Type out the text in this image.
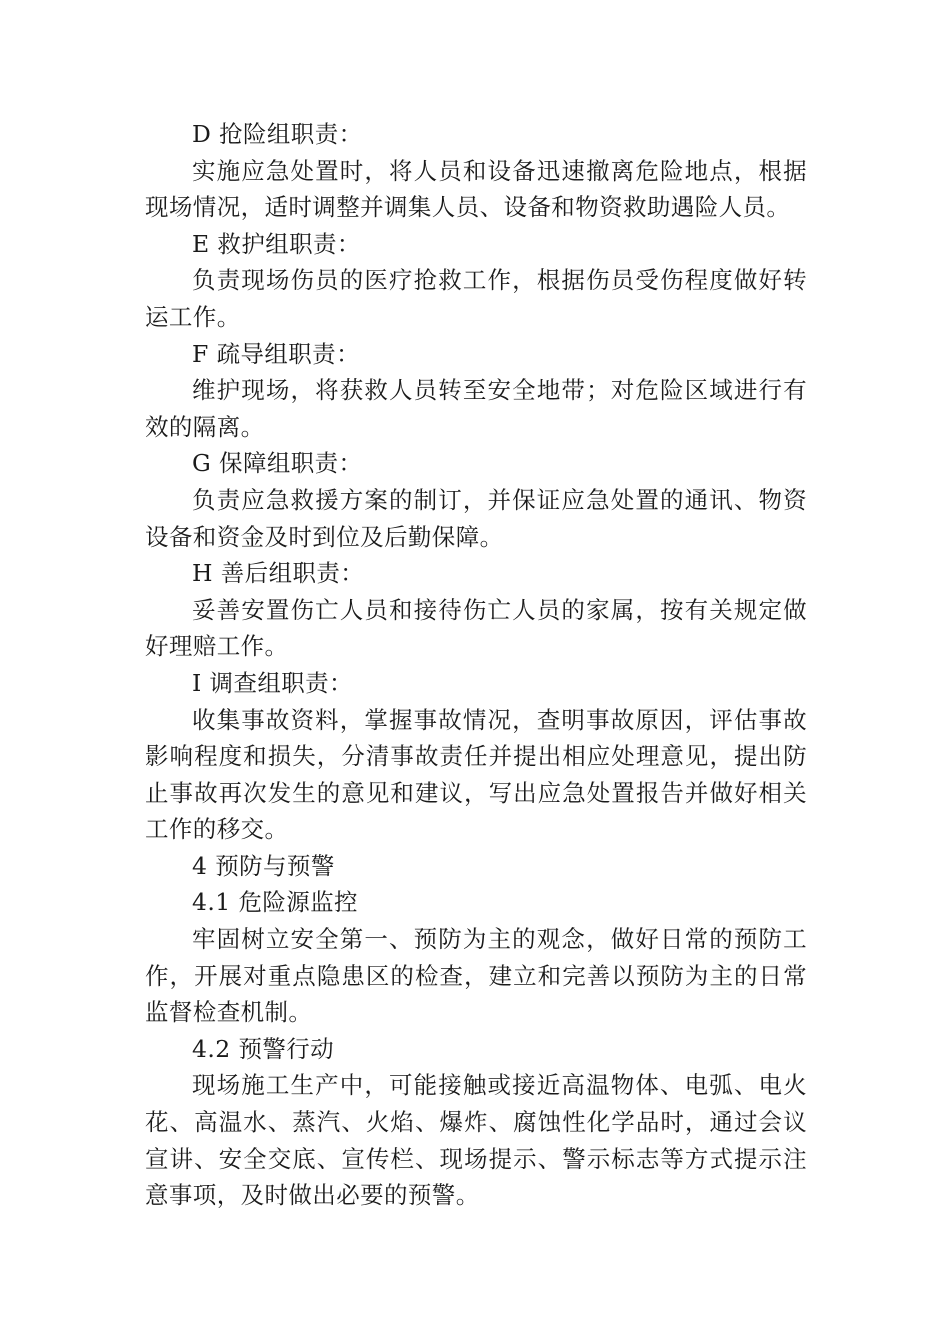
D 抢险组职责：

实施应急处置时，将人员和设备迅速撤离危险地点，根据现场情况，适时调整并调集人员、设备和物资救助遇险人员。

E 救护组职责：

负责现场伤员的医疗抢救工作，根据伤员受伤程度做好转运工作。

F 疏导组职责：

维护现场，将获救人员转至安全地带；对危险区域进行有效的隔离。

G 保障组职责：

负责应急救援方案的制订，并保证应急处置的通讯、物资设备和资金及时到位及后勤保障。

H 善后组职责：

妥善安置伤亡人员和接待伤亡人员的家属，按有关规定做好理赔工作。

I 调查组职责：

收集事故资料，掌握事故情况，查明事故原因，评估事故影响程度和损失，分清事故责任并提出相应处理意见，提出防止事故再次发生的意见和建议，写出应急处置报告并做好相关工作的移交。

4 预防与预警

4.1 危险源监控

牢固树立安全第一、预防为主的观念，做好日常的预防工作，开展对重点隐患区的检查，建立和完善以预防为主的日常监督检查机制。

4.2 预警行动

现场施工生产中，可能接触或接近高温物体、电弧、电火花、高温水、蒸汽、火焰、爆炸、腐蚀性化学品时，通过会议宣讲、安全交底、宣传栏、现场提示、警示标志等方式提示注意事项，及时做出必要的预警。
